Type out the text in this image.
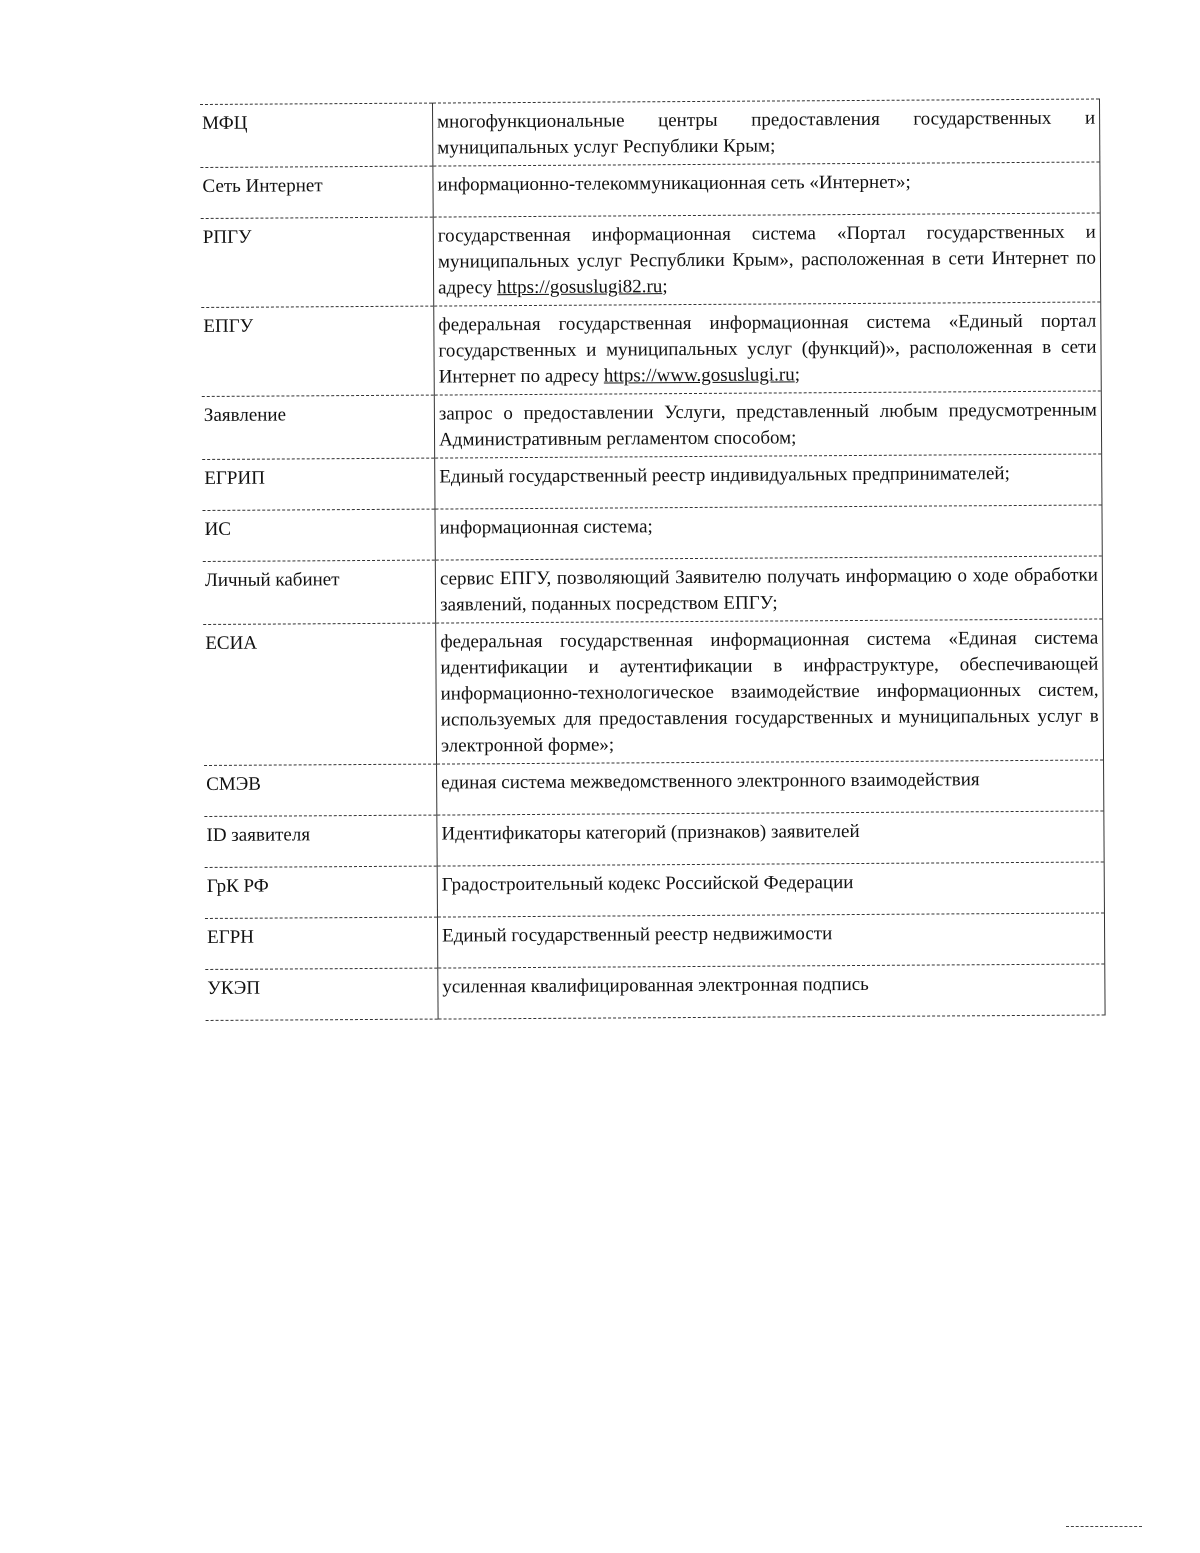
МФЦ	многофункциональные центры предоставления государственных и муниципальных услуг Республики Крым;
Сеть Интернет	информационно-телекоммуникационная сеть «Интернет»;
РПГУ	государственная информационная система «Портал государственных и муниципальных услуг Республики Крым», расположенная в сети Интернет по адресу https://gosuslugi82.ru;
ЕПГУ	федеральная государственная информационная система «Единый портал государственных и муниципальных услуг (функций)», расположенная в сети Интернет по адресу https://www.gosuslugi.ru;
Заявление	запрос о предоставлении Услуги, представленный любым предусмотренным Административным регламентом способом;
ЕГРИП	Единый государственный реестр индивидуальных предпринимателей;
ИС	информационная система;
Личный кабинет	сервис ЕПГУ, позволяющий Заявителю получать информацию о ходе обработки заявлений, поданных посредством ЕПГУ;
ЕСИА	федеральная государственная информационная система «Единая система идентификации и аутентификации в инфраструктуре, обеспечивающей информационно-технологическое взаимодействие информационных систем, используемых для предоставления государственных и муниципальных услуг в электронной форме»;
СМЭВ	единая система межведомственного электронного взаимодействия
ID заявителя	Идентификаторы категорий (признаков) заявителей
ГрК РФ	Градостроительный кодекс Российской Федерации
ЕГРН	Единый государственный реестр недвижимости
УКЭП	усиленная квалифицированная электронная подпись
